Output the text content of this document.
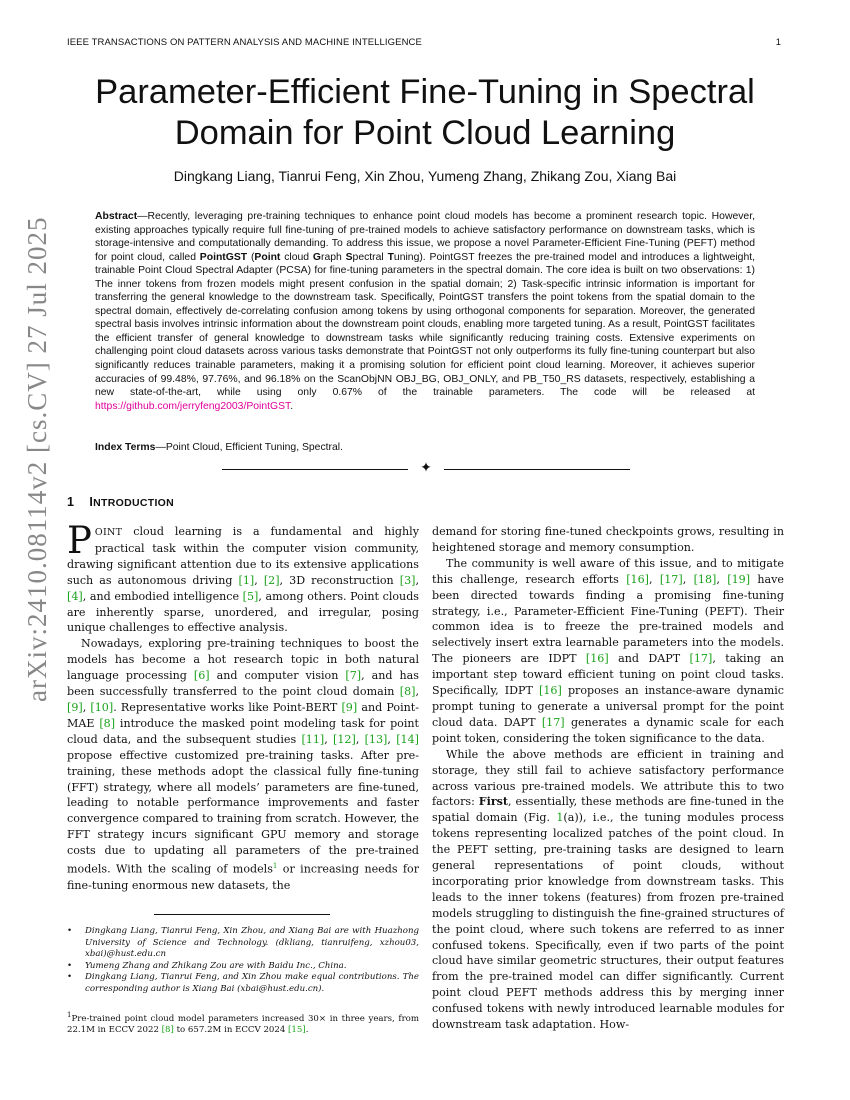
IEEE TRANSACTIONS ON PATTERN ANALYSIS AND MACHINE INTELLIGENCE	1
arXiv:2410.08114v2 [cs.CV] 27 Jul 2025
Parameter-Efficient Fine-Tuning in Spectral
Domain for Point Cloud Learning
Dingkang Liang, Tianrui Feng, Xin Zhou, Yumeng Zhang, Zhikang Zou, Xiang Bai
Abstract—Recently, leveraging pre-training techniques to enhance point cloud models has become a prominent research topic. However, existing approaches typically require full fine-tuning of pre-trained models to achieve satisfactory performance on downstream tasks, which is storage-intensive and computationally demanding. To address this issue, we propose a novel Parameter-Efficient Fine-Tuning (PEFT) method for point cloud, called PointGST (Point cloud Graph Spectral Tuning). PointGST freezes the pre-trained model and introduces a lightweight, trainable Point Cloud Spectral Adapter (PCSA) for fine-tuning parameters in the spectral domain. The core idea is built on two observations: 1) The inner tokens from frozen models might present confusion in the spatial domain; 2) Task-specific intrinsic information is important for transferring the general knowledge to the downstream task. Specifically, PointGST transfers the point tokens from the spatial domain to the spectral domain, effectively de-correlating confusion among tokens by using orthogonal components for separation. Moreover, the generated spectral basis involves intrinsic information about the downstream point clouds, enabling more targeted tuning. As a result, PointGST facilitates the efficient transfer of general knowledge to downstream tasks while significantly reducing training costs. Extensive experiments on challenging point cloud datasets across various tasks demonstrate that PointGST not only outperforms its fully fine-tuning counterpart but also significantly reduces trainable parameters, making it a promising solution for efficient point cloud learning. Moreover, it achieves superior accuracies of 99.48%, 97.76%, and 96.18% on the ScanObjNN OBJ_BG, OBJ_ONLY, and PB_T50_RS datasets, respectively, establishing a new state-of-the-art, while using only 0.67% of the trainable parameters. The code will be released at https://github.com/jerryfeng2003/PointGST.
Index Terms—Point Cloud, Efficient Tuning, Spectral.
✦
1 INTRODUCTION

POINT cloud learning is a fundamental and highly practical task within the computer vision community, drawing significant attention due to its extensive applications such as autonomous driving [1], [2], 3D reconstruction [3], [4], and embodied intelligence [5], among others. Point clouds are inherently sparse, unordered, and irregular, posing unique challenges to effective analysis.

Nowadays, exploring pre-training techniques to boost the models has become a hot research topic in both natural language processing [6] and computer vision [7], and has been successfully transferred to the point cloud domain [8], [9], [10]. Representative works like Point-BERT [9] and Point-MAE [8] introduce the masked point modeling task for point cloud data, and the subsequent studies [11], [12], [13], [14] propose effective customized pre-training tasks. After pre-training, these methods adopt the classical fully fine-tuning (FFT) strategy, where all models’ parameters are fine-tuned, leading to notable performance improvements and faster convergence compared to training from scratch. However, the FFT strategy incurs significant GPU memory and storage costs due to updating all parameters of the pre-trained models. With the scaling of models$^1$ or increasing needs for fine-tuning enormous new datasets, the

• Dingkang Liang, Tianrui Feng, Xin Zhou, and Xiang Bai are with Huazhong University of Science and Technology. (dkliang, tianruifeng, xzhou03, xbai)@hust.edu.cn
• Yumeng Zhang and Zhikang Zou are with Baidu Inc., China.
• Dingkang Liang, Tianrui Feng, and Xin Zhou make equal contributions. The corresponding author is Xiang Bai (xbai@hust.edu.cn).
$^1$Pre-trained point cloud model parameters increased 30× in three years, from 22.1M in ECCV 2022 [8] to 657.2M in ECCV 2024 [15].

demand for storing fine-tuned checkpoints grows, resulting in heightened storage and memory consumption.

The community is well aware of this issue, and to mitigate this challenge, research efforts [16], [17], [18], [19] have been directed towards finding a promising fine-tuning strategy, i.e., Parameter-Efficient Fine-Tuning (PEFT). Their common idea is to freeze the pre-trained models and selectively insert extra learnable parameters into the models. The pioneers are IDPT [16] and DAPT [17], taking an important step toward efficient tuning on point cloud tasks. Specifically, IDPT [16] proposes an instance-aware dynamic prompt tuning to generate a universal prompt for the point cloud data. DAPT [17] generates a dynamic scale for each point token, considering the token significance to the data.

While the above methods are efficient in training and storage, they still fail to achieve satisfactory performance across various pre-trained models. We attribute this to two factors: First, essentially, these methods are fine-tuned in the spatial domain (Fig. 1(a)), i.e., the tuning modules process tokens representing localized patches of the point cloud. In the PEFT setting, pre-training tasks are designed to learn general representations of point clouds, without incorporating prior knowledge from downstream tasks. This leads to the inner tokens (features) from frozen pre-trained models struggling to distinguish the fine-grained structures of the point cloud, where such tokens are referred to as inner confused tokens. Specifically, even if two parts of the point cloud have similar geometric structures, their output features from the pre-trained model can differ significantly. Current point cloud PEFT methods address this by merging inner confused tokens with newly introduced learnable modules for downstream task adaptation. How-
